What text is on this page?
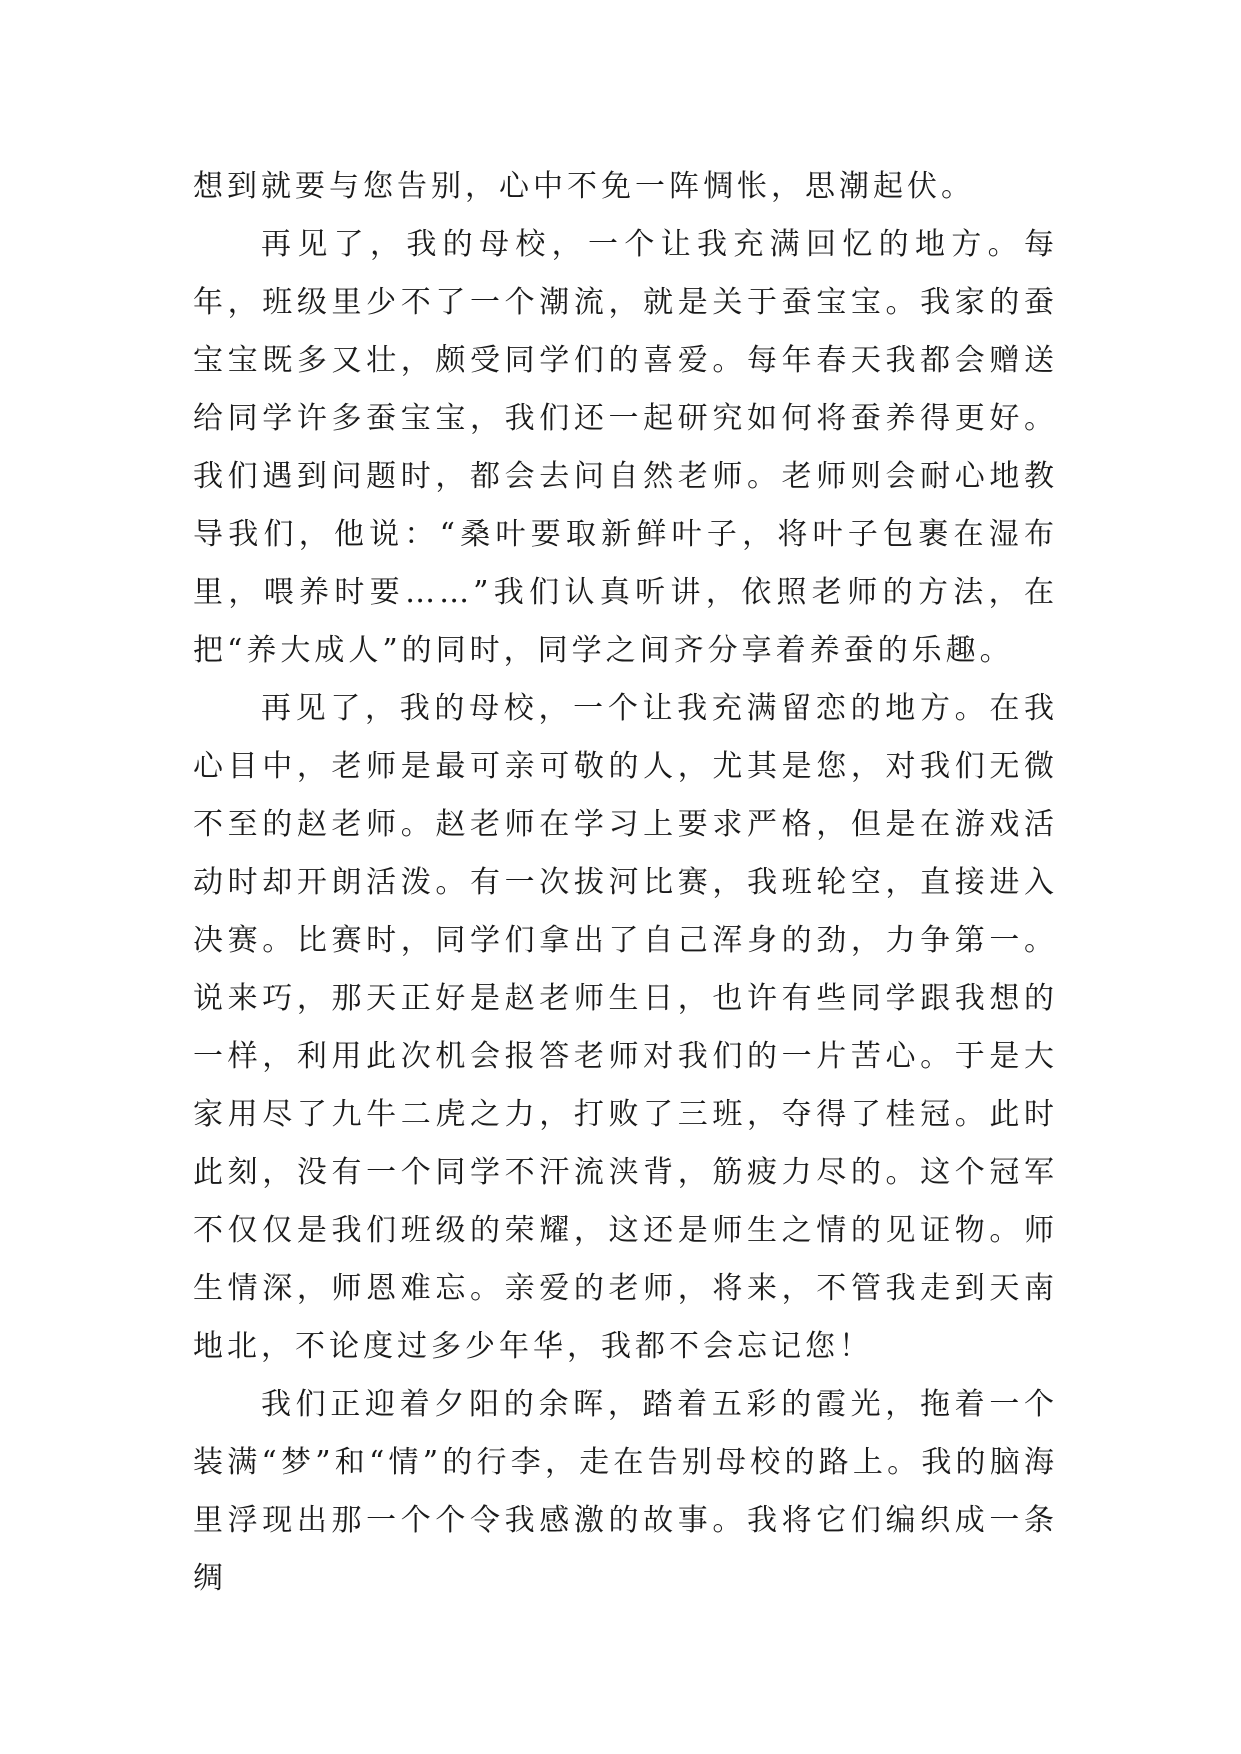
想到就要与您告别，心中不免一阵惆怅，思潮起伏。

再见了，我的母校，一个让我充满回忆的地方。每年，班级里少不了一个潮流，就是关于蚕宝宝。我家的蚕宝宝既多又壮，颇受同学们的喜爱。每年春天我都会赠送给同学许多蚕宝宝，我们还一起研究如何将蚕养得更好。我们遇到问题时，都会去问自然老师。老师则会耐心地教导我们，他说：“桑叶要取新鲜叶子，将叶子包裹在湿布里，喂养时要……”我们认真听讲，依照老师的方法，在把“养大成人”的同时，同学之间齐分享着养蚕的乐趣。

再见了，我的母校，一个让我充满留恋的地方。在我心目中，老师是最可亲可敬的人，尤其是您，对我们无微不至的赵老师。赵老师在学习上要求严格，但是在游戏活动时却开朗活泼。有一次拔河比赛，我班轮空，直接进入决赛。比赛时，同学们拿出了自己浑身的劲，力争第一。说来巧，那天正好是赵老师生日，也许有些同学跟我想的一样，利用此次机会报答老师对我们的一片苦心。于是大家用尽了九牛二虎之力，打败了三班，夺得了桂冠。此时此刻，没有一个同学不汗流浃背，筋疲力尽的。这个冠军不仅仅是我们班级的荣耀，这还是师生之情的见证物。师生情深，师恩难忘。亲爱的老师，将来，不管我走到天南地北，不论度过多少年华，我都不会忘记您！

我们正迎着夕阳的余晖，踏着五彩的霞光，拖着一个装满“梦”和“情”的行李，走在告别母校的路上。我的脑海里浮现出那一个个令我感激的故事。我将它们编织成一条绸
